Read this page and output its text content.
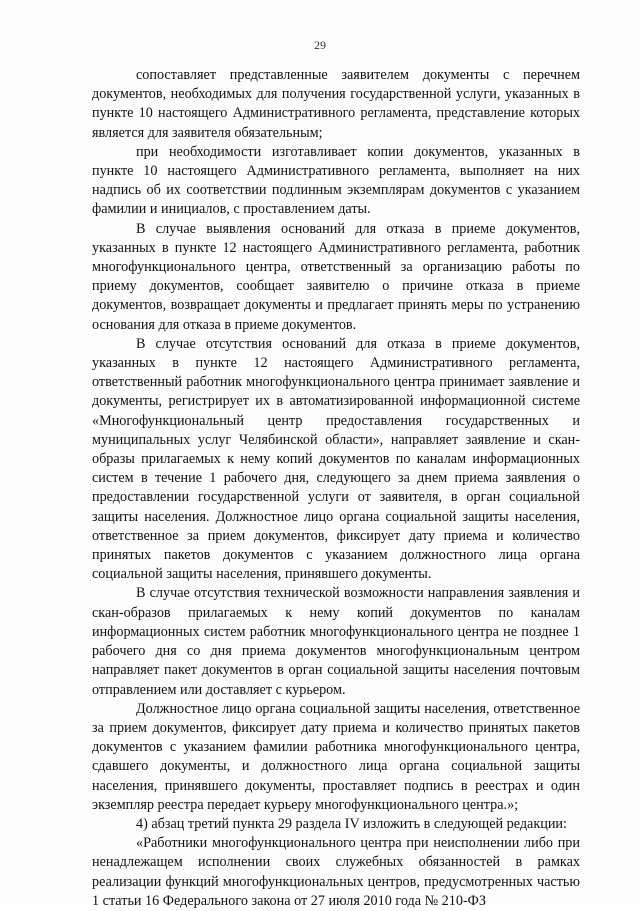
29

сопоставляет представленные заявителем документы с перечнем документов, необходимых для получения государственной услуги, указанных в пункте 10 настоящего Административного регламента, представление которых является для заявителя обязательным;

при необходимости изготавливает копии документов, указанных в пункте 10 настоящего Административного регламента, выполняет на них надпись об их соответствии подлинным экземплярам документов с указанием фамилии и инициалов, с проставлением даты.

В случае выявления оснований для отказа в приеме документов, указанных в пункте 12 настоящего Административного регламента, работник многофункционального центра, ответственный за организацию работы по приему документов, сообщает заявителю о причине отказа в приеме документов, возвращает документы и предлагает принять меры по устранению основания для отказа в приеме документов.

В случае отсутствия оснований для отказа в приеме документов, указанных в пункте 12 настоящего Административного регламента, ответственный работник многофункционального центра принимает заявление и документы, регистрирует их в автоматизированной информационной системе «Многофункциональный центр предоставления государственных и муниципальных услуг Челябинской области», направляет заявление и скан-образы прилагаемых к нему копий документов по каналам информационных систем в течение 1 рабочего дня, следующего за днем приема заявления о предоставлении государственной услуги от заявителя, в орган социальной защиты населения. Должностное лицо органа социальной защиты населения, ответственное за прием документов, фиксирует дату приема и количество принятых пакетов документов с указанием должностного лица органа социальной защиты населения, принявшего документы.

В случае отсутствия технической возможности направления заявления и скан-образов прилагаемых к нему копий документов по каналам информационных систем работник многофункционального центра не позднее 1 рабочего дня со дня приема документов многофункциональным центром направляет пакет документов в орган социальной защиты населения почтовым отправлением или доставляет с курьером.

Должностное лицо органа социальной защиты населения, ответственное за прием документов, фиксирует дату приема и количество принятых пакетов документов с указанием фамилии работника многофункционального центра, сдавшего документы, и должностного лица органа социальной защиты населения, принявшего документы, проставляет подпись в реестрах и один экземпляр реестра передает курьеру многофункционального центра.»;

4) абзац третий пункта 29 раздела IV изложить в следующей редакции:

«Работники многофункционального центра при неисполнении либо при ненадлежащем исполнении своих служебных обязанностей в рамках реализации функций многофункциональных центров, предусмотренных частью 1 статьи 16 Федерального закона от 27 июля 2010 года № 210-ФЗ
